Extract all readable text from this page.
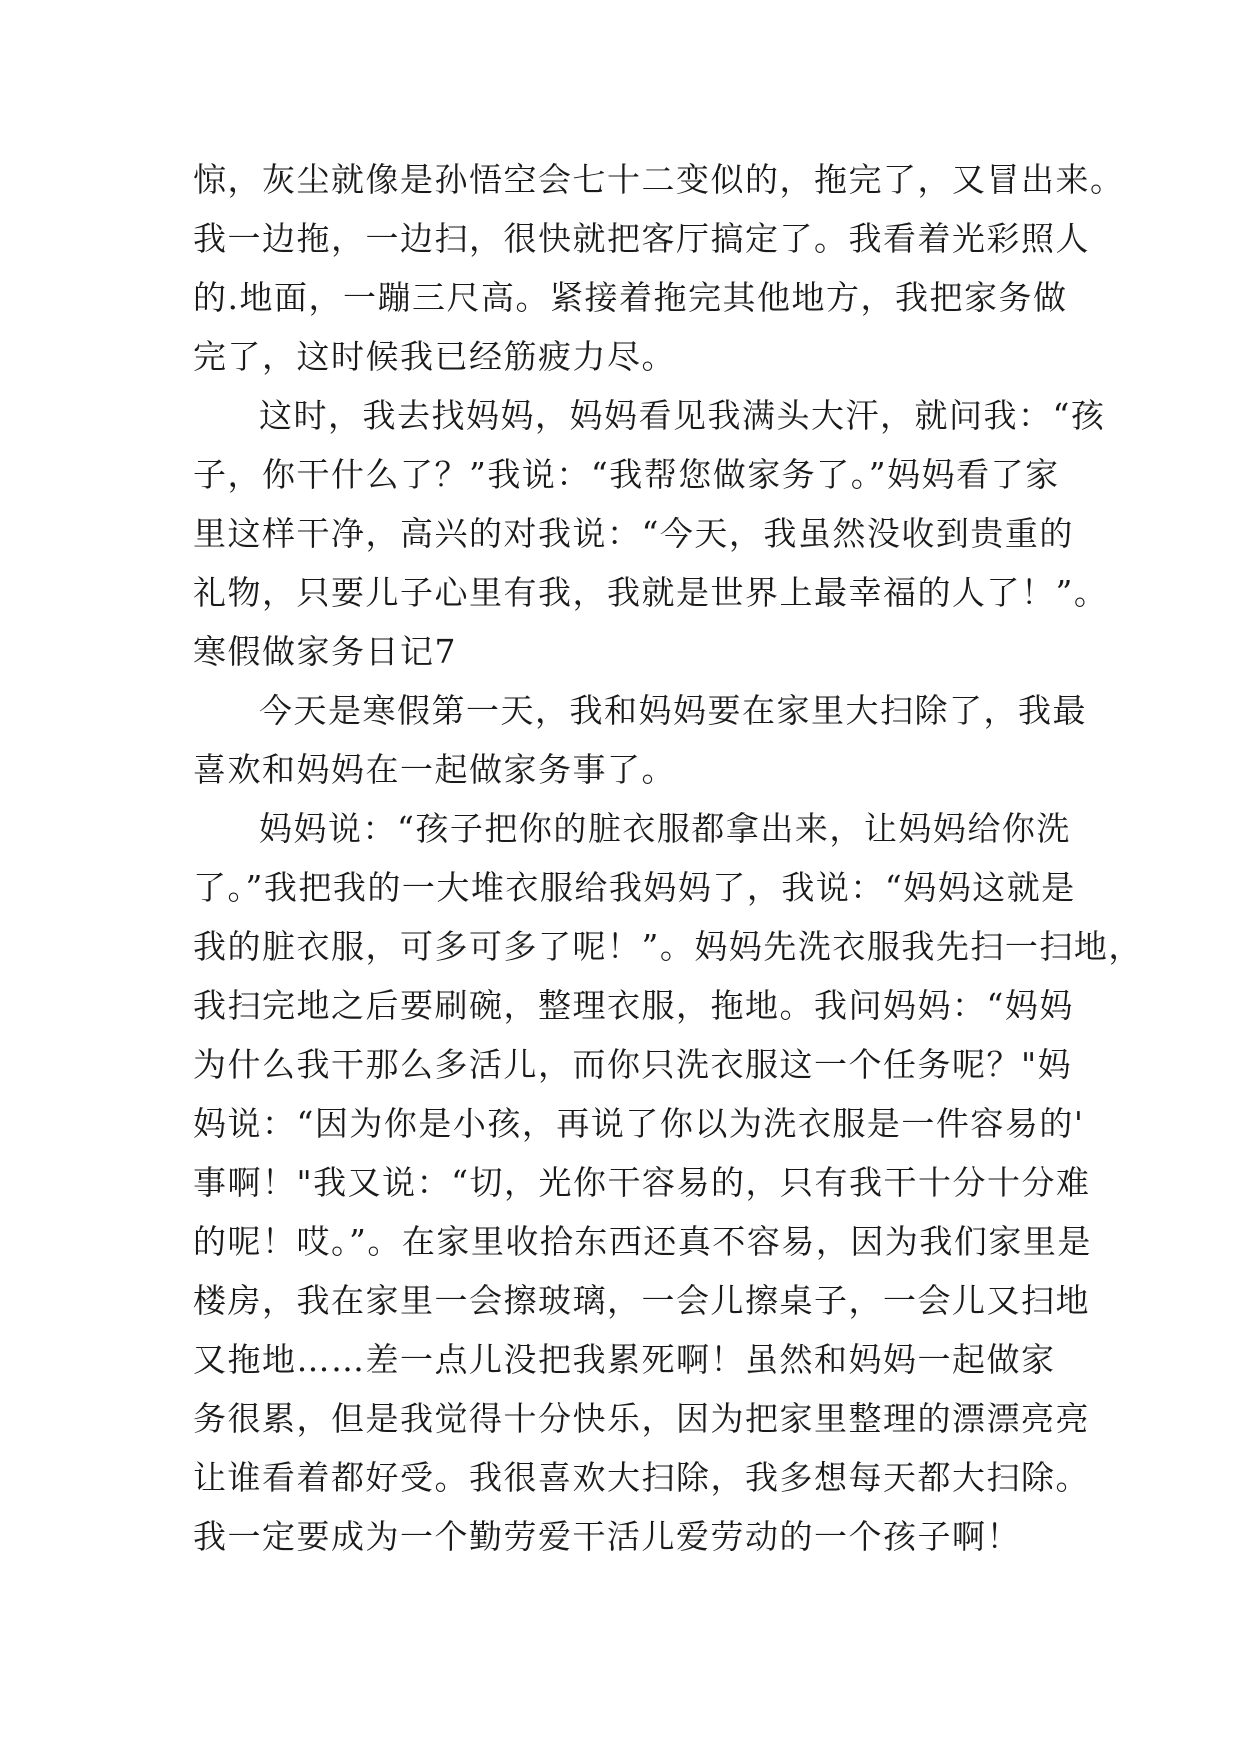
惊，灰尘就像是孙悟空会七十二变似的，拖完了，又冒出来。
我一边拖，一边扫，很快就把客厅搞定了。我看着光彩照人
的.地面，一蹦三尺高。紧接着拖完其他地方，我把家务做
完了，这时候我已经筋疲力尽。
这时，我去找妈妈，妈妈看见我满头大汗，就问我：“孩
子，你干什么了？”我说：“我帮您做家务了。”妈妈看了家
里这样干净，高兴的对我说：“今天，我虽然没收到贵重的
礼物，只要儿子心里有我，我就是世界上最幸福的人了！”。
寒假做家务日记7
今天是寒假第一天，我和妈妈要在家里大扫除了，我最
喜欢和妈妈在一起做家务事了。
妈妈说：“孩子把你的脏衣服都拿出来，让妈妈给你洗
了。”我把我的一大堆衣服给我妈妈了，我说：“妈妈这就是
我的脏衣服，可多可多了呢！”。妈妈先洗衣服我先扫一扫地，
我扫完地之后要刷碗，整理衣服，拖地。我问妈妈：“妈妈
为什么我干那么多活儿，而你只洗衣服这一个任务呢？"妈
妈说：“因为你是小孩，再说了你以为洗衣服是一件容易的'
事啊！"我又说：“切，光你干容易的，只有我干十分十分难
的呢！哎。”。在家里收拾东西还真不容易，因为我们家里是
楼房，我在家里一会擦玻璃，一会儿擦桌子，一会儿又扫地
又拖地……差一点儿没把我累死啊！虽然和妈妈一起做家
务很累，但是我觉得十分快乐，因为把家里整理的漂漂亮亮
让谁看着都好受。我很喜欢大扫除，我多想每天都大扫除。
我一定要成为一个勤劳爱干活儿爱劳动的一个孩子啊！
